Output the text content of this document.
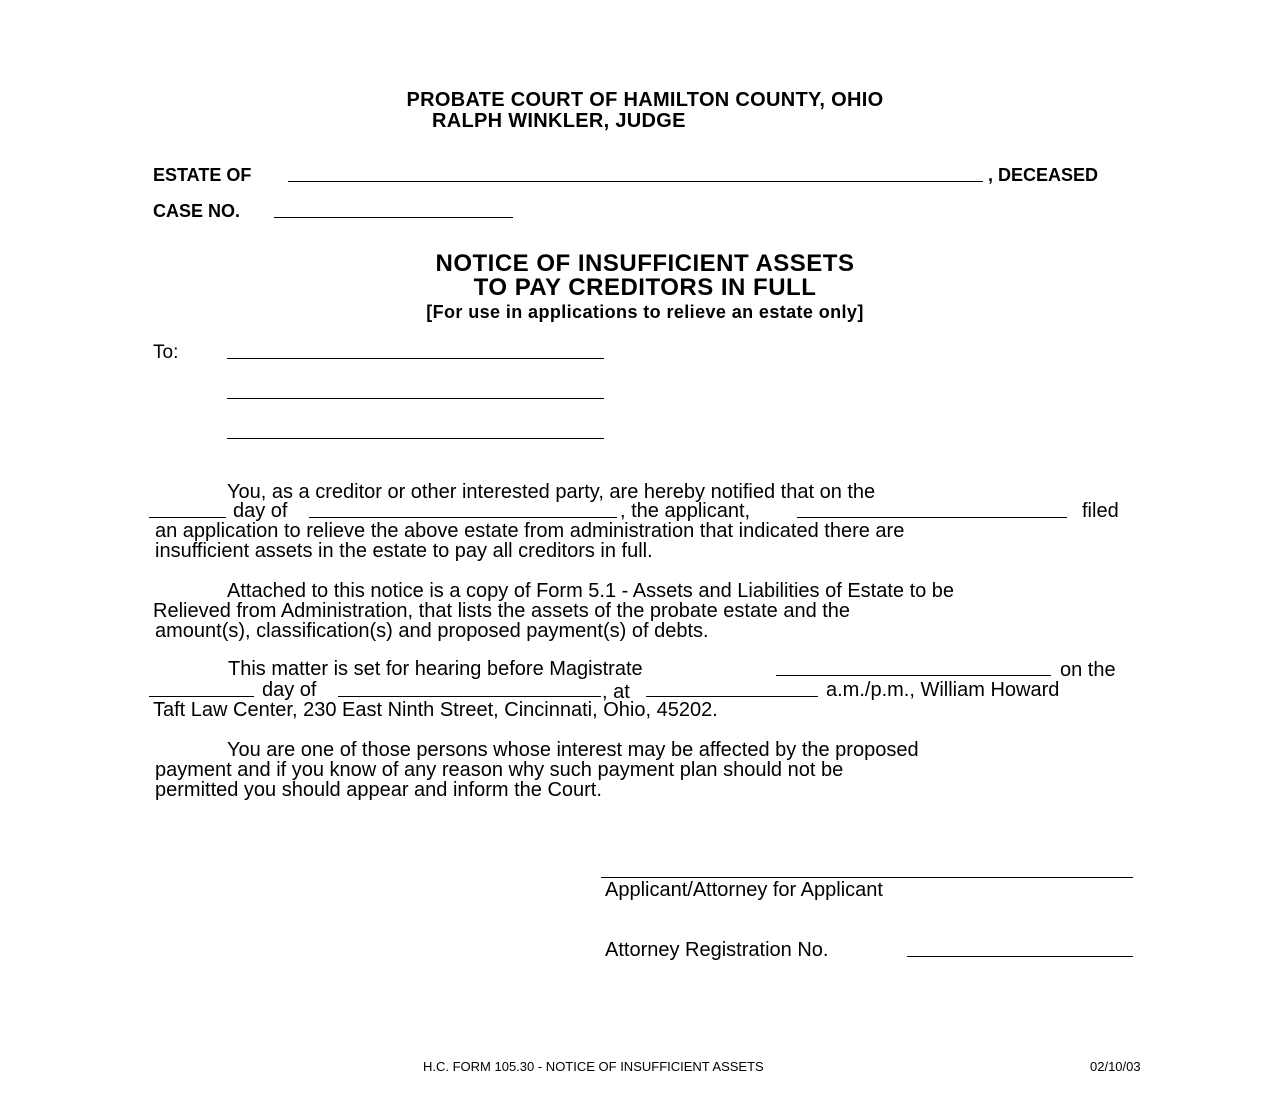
PROBATE COURT OF HAMILTON COUNTY, OHIO
RALPH WINKLER, JUDGE
ESTATE OF	, DECEASED
CASE NO.
NOTICE OF INSUFFICIENT ASSETS
TO PAY CREDITORS IN FULL
[For use in applications to relieve an estate only]
To:
You, as a creditor or other interested party, are hereby notified that on the
day of	, the applicant,	filed
an application to relieve the above estate from administration that indicated there are
insufficient assets in the estate to pay all creditors in full.
Attached to this notice is a copy of Form 5.1 - Assets and Liabilities of Estate to be
Relieved from Administration, that lists the assets of the probate estate and the
amount(s), classification(s) and proposed payment(s) of debts.
This matter is set for hearing before Magistrate	on the
day of	, at	a.m./p.m., William Howard
Taft Law Center, 230 East Ninth Street, Cincinnati, Ohio, 45202.
You are one of those persons whose interest may be affected by the proposed
payment and if you know of any reason why such payment plan should not be
permitted you should appear and inform the Court.
Applicant/Attorney for Applicant
Attorney Registration No.
H.C. FORM 105.30 - NOTICE OF INSUFFICIENT ASSETS	02/10/03
